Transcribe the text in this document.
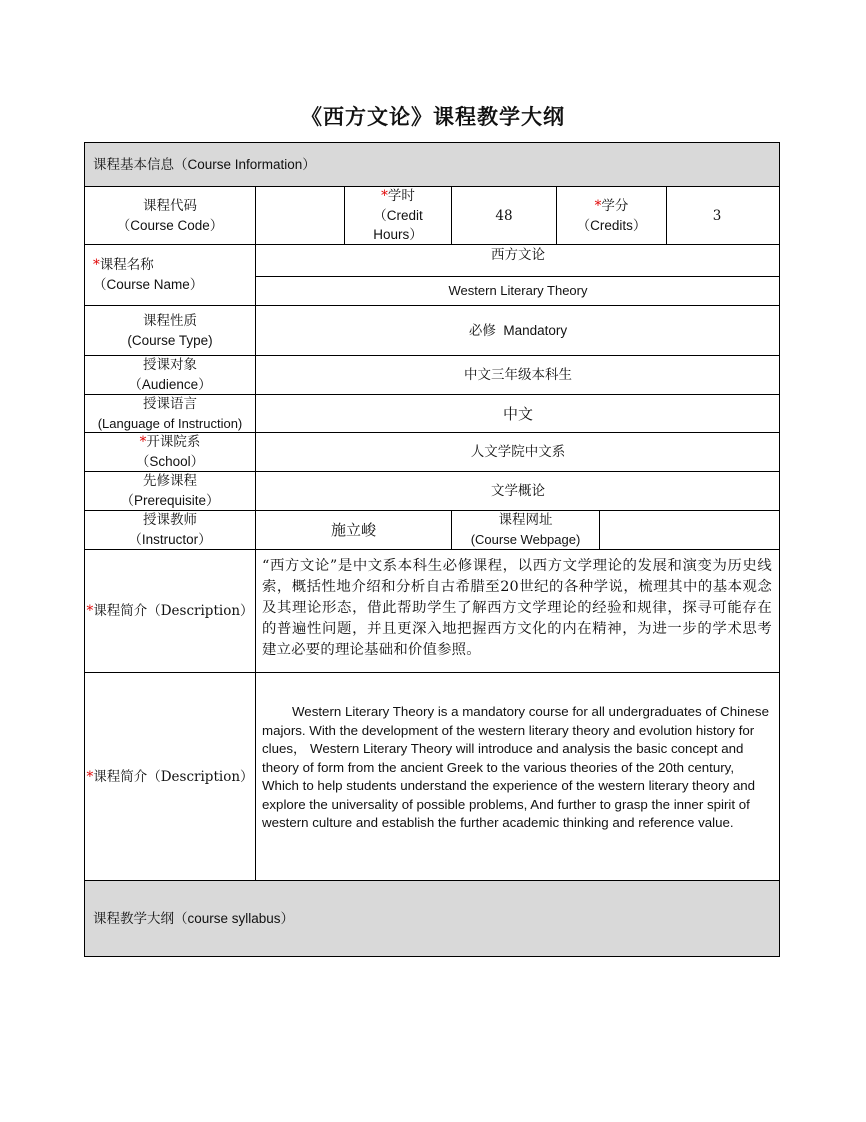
《西方文论》课程教学大纲
课程基本信息（Course Information）
课程代码
（Course Code）
*学时
（Credit
Hours）
48
*学分
（Credits）
3
*课程名称
（Course Name）
西方文论
Western Literary Theory
课程性质
(Course Type)
必修  Mandatory
授课对象
（Audience）
中文三年级本科生
授课语言
(Language of Instruction)
中文
*开课院系
（School）
人文学院中文系
先修课程
（Prerequisite）
文学概论
授课教师
（Instructor）
施立峻
课程网址
(Course Webpage)
*课程简介（Description）
“西方文论”是中文系本科生必修课程，以西方文学理论的发展和演变为历史线索，概括性地介绍和分析自古希腊至20世纪的各种学说，梳理其中的基本观念及其理论形态，借此帮助学生了解西方文学理论的经验和规律，探寻可能存在的普遍性问题，并且更深入地把握西方文化的内在精神，为进一步的学术思考建立必要的理论基础和价值参照。
*课程简介（Description）

Western Literary Theory is a mandatory course for all undergraduates of Chinese majors. With the development of the western literary theory and evolution history for clues， Western Literary Theory will introduce and analysis the basic concept and theory of form from the ancient Greek to the various theories of the 20th century, Which to help students understand the experience of the western literary theory and explore the universality of possible problems, And further to grasp the inner spirit of western culture and establish the further academic thinking and reference value.

课程教学大纲（course syllabus）
